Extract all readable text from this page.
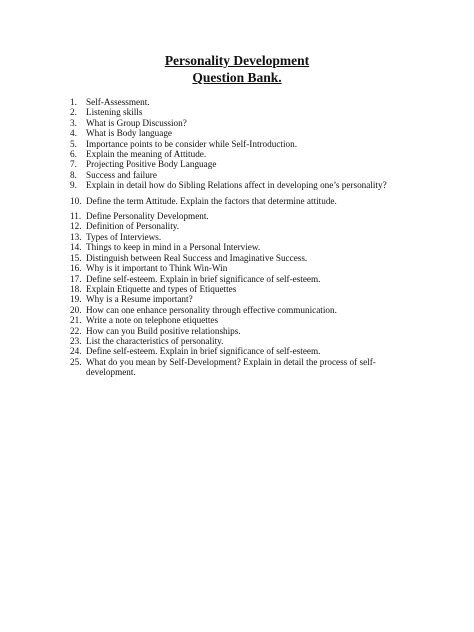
Personality Development
Question Bank.
1. Self-Assessment.
2. Listening skills
3. What is Group Discussion?
4. What is Body language
5. Importance points to be consider while Self-Introduction.
6. Explain the meaning of Attitude.
7. Projecting Positive Body Language
8. Success and failure
9. Explain in detail how do Sibling Relations affect in developing one’s personality?
10. Define the term Attitude. Explain the factors that determine attitude.
11. Define Personality Development.
12. Definition of Personality.
13. Types of Interviews.
14. Things to keep in mind in a Personal Interview.
15. Distinguish between Real Success and Imaginative Success.
16. Why is it important to Think Win-Win
17. Define self-esteem. Explain in brief significance of self-esteem.
18. Explain Etiquette and types of Etiquettes
19. Why is a Resume important?
20. How can one enhance personality through effective communication.
21. Write a note on telephone etiquettes
22. How can you Build positive relationships.
23. List the characteristics of personality.
24. Define self-esteem. Explain in brief significance of self-esteem.
25. What do you mean by Self-Development? Explain in detail the process of self-development.
